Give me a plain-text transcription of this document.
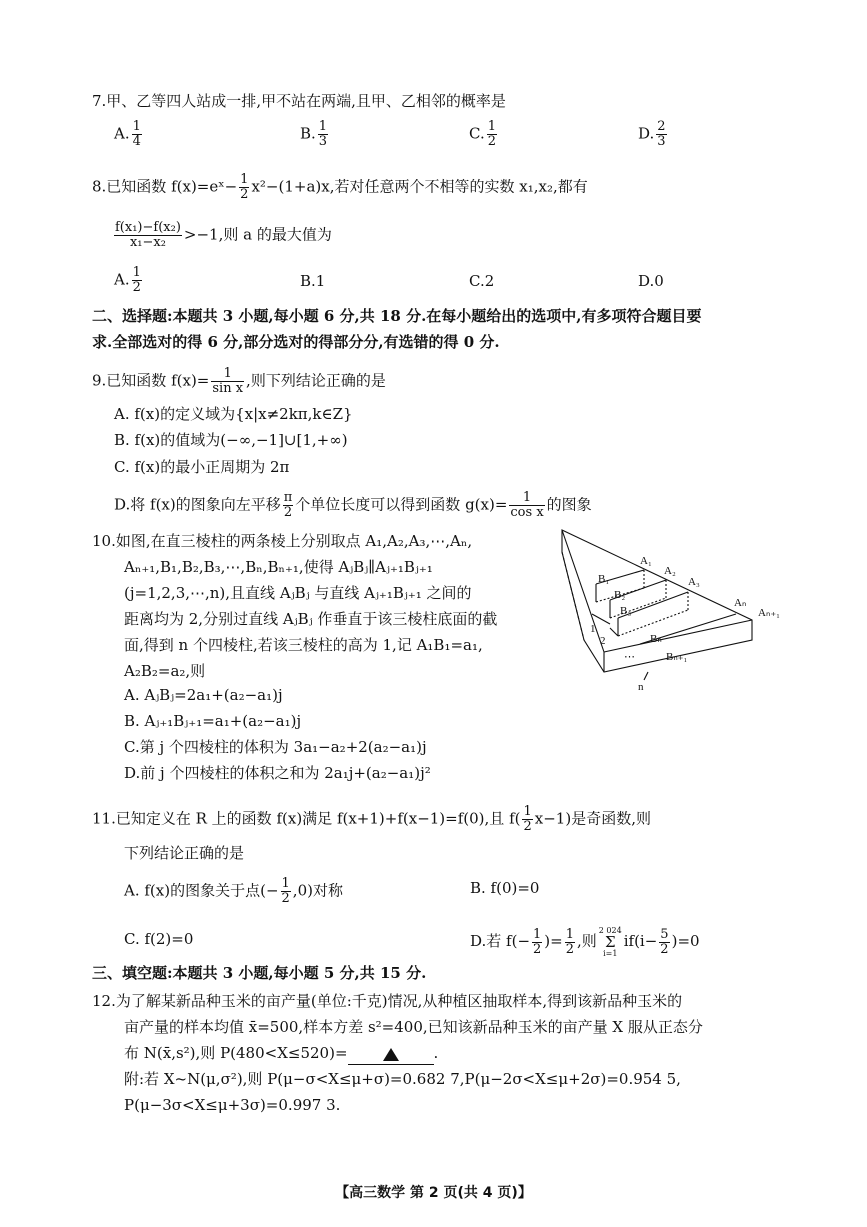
7.甲、乙等四人站成一排,甲不站在两端,且甲、乙相邻的概率是
A. $\frac{1}{4}$	B. $\frac{1}{3}$	C. $\frac{1}{2}$	D. $\frac{2}{3}$
8.已知函数 f(x)=eˣ− $\frac{1}{2} x^2-(1+a)x$,若对任意两个不相等的实数 x₁,x₂,都有
$\frac{\text{f(x₁)−f(x₂)}}{\text{x₁−x₂}} >-1$,则 a 的最大值为
A. $\frac{1}{2}$	B.1	C.2	D.0
二、选择题:本题共 3 小题,每小题 6 分,共 18 分.在每小题给出的选项中,有多项符合题目要
求.全部选对的得 6 分,部分选对的得部分分,有选错的得 0 分.
9.已知函数 $f(x)= \frac{1}{\text{sin x}}$ ,则下列结论正确的是
A. f(x)的定义域为{x|x≠2kπ,k∈Z}
B. f(x)的值域为(−∞,−1]∪[1,+∞)
C. f(x)的最小正周期为 2π
D.将 f(x)的图象向左平移 $\frac{\pi}{2}$ 个单位长度可以得到函数 $g(x)= \frac{1}{\text{cos x}}$ 的图象
10.如图,在直三棱柱的两条棱上分别取点 A₁,A₂,A₃,⋯,Aₙ,
Aₙ₊₁,B₁,B₂,B₃,⋯,Bₙ,Bₙ₊₁,使得 AⱼBⱼ∥Aⱼ₊₁Bⱼ₊₁
(j=1,2,3,⋯,n),且直线 AⱼBⱼ 与直线 Aⱼ₊₁Bⱼ₊₁ 之间的
距离均为 2,分别过直线 AⱼBⱼ 作垂直于该三棱柱底面的截
面,得到 n 个四棱柱,若该三棱柱的高为 1,记 A₁B₁=a₁,
A₂B₂=a₂,则
A. AⱼBⱼ=2a₁+(a₂−a₁)j
B. Aⱼ₊₁Bⱼ₊₁=a₁+(a₂−a₁)j
C.第 j 个四棱柱的体积为 3a₁−a₂+2(a₂−a₁)j
D.前 j 个四棱柱的体积之和为 2a₁j+(a₂−a₁)j²
A₁
A₂
A₃
Aₙ
Aₙ₊₁
B₁
B₂
B₃
Bₙ
Bₙ₊₁
1
2
⋯
n
11.已知定义在 R 上的函数 f(x)满足 f(x+1)+f(x−1)=f(0),且 $f( \frac{1}{2} x-1)$是奇函数,则
下列结论正确的是
A. f(x)的图象关于点(− $\frac{1}{2} ,0$)对称	B. f(0)=0
C. f(2)=0	D.若 $f(- \frac{1}{2}$ )= $\frac{1}{2}$ ,则
2 024
Σ
i=1
$if(i- \frac{5}{2} )=0$
三、填空题:本题共 3 小题,每小题 5 分,共 15 分.
12.为了解某新品种玉米的亩产量(单位:千克)情况,从种植区抽取样本,得到该新品种玉米的
亩产量的样本均值 x̄=500,样本方差 s²=400,已知该新品种玉米的亩产量 X 服从正态分
布 N(x̄,s²),则 P(480<X≤520)=	.
附:若 X~N(μ,σ²),则 P(μ−σ<X≤μ+σ)=0.682 7,P(μ−2σ<X≤μ+2σ)=0.954 5,
P(μ−3σ<X≤μ+3σ)=0.997 3.
【高三数学 第 2 页(共 4 页)】
